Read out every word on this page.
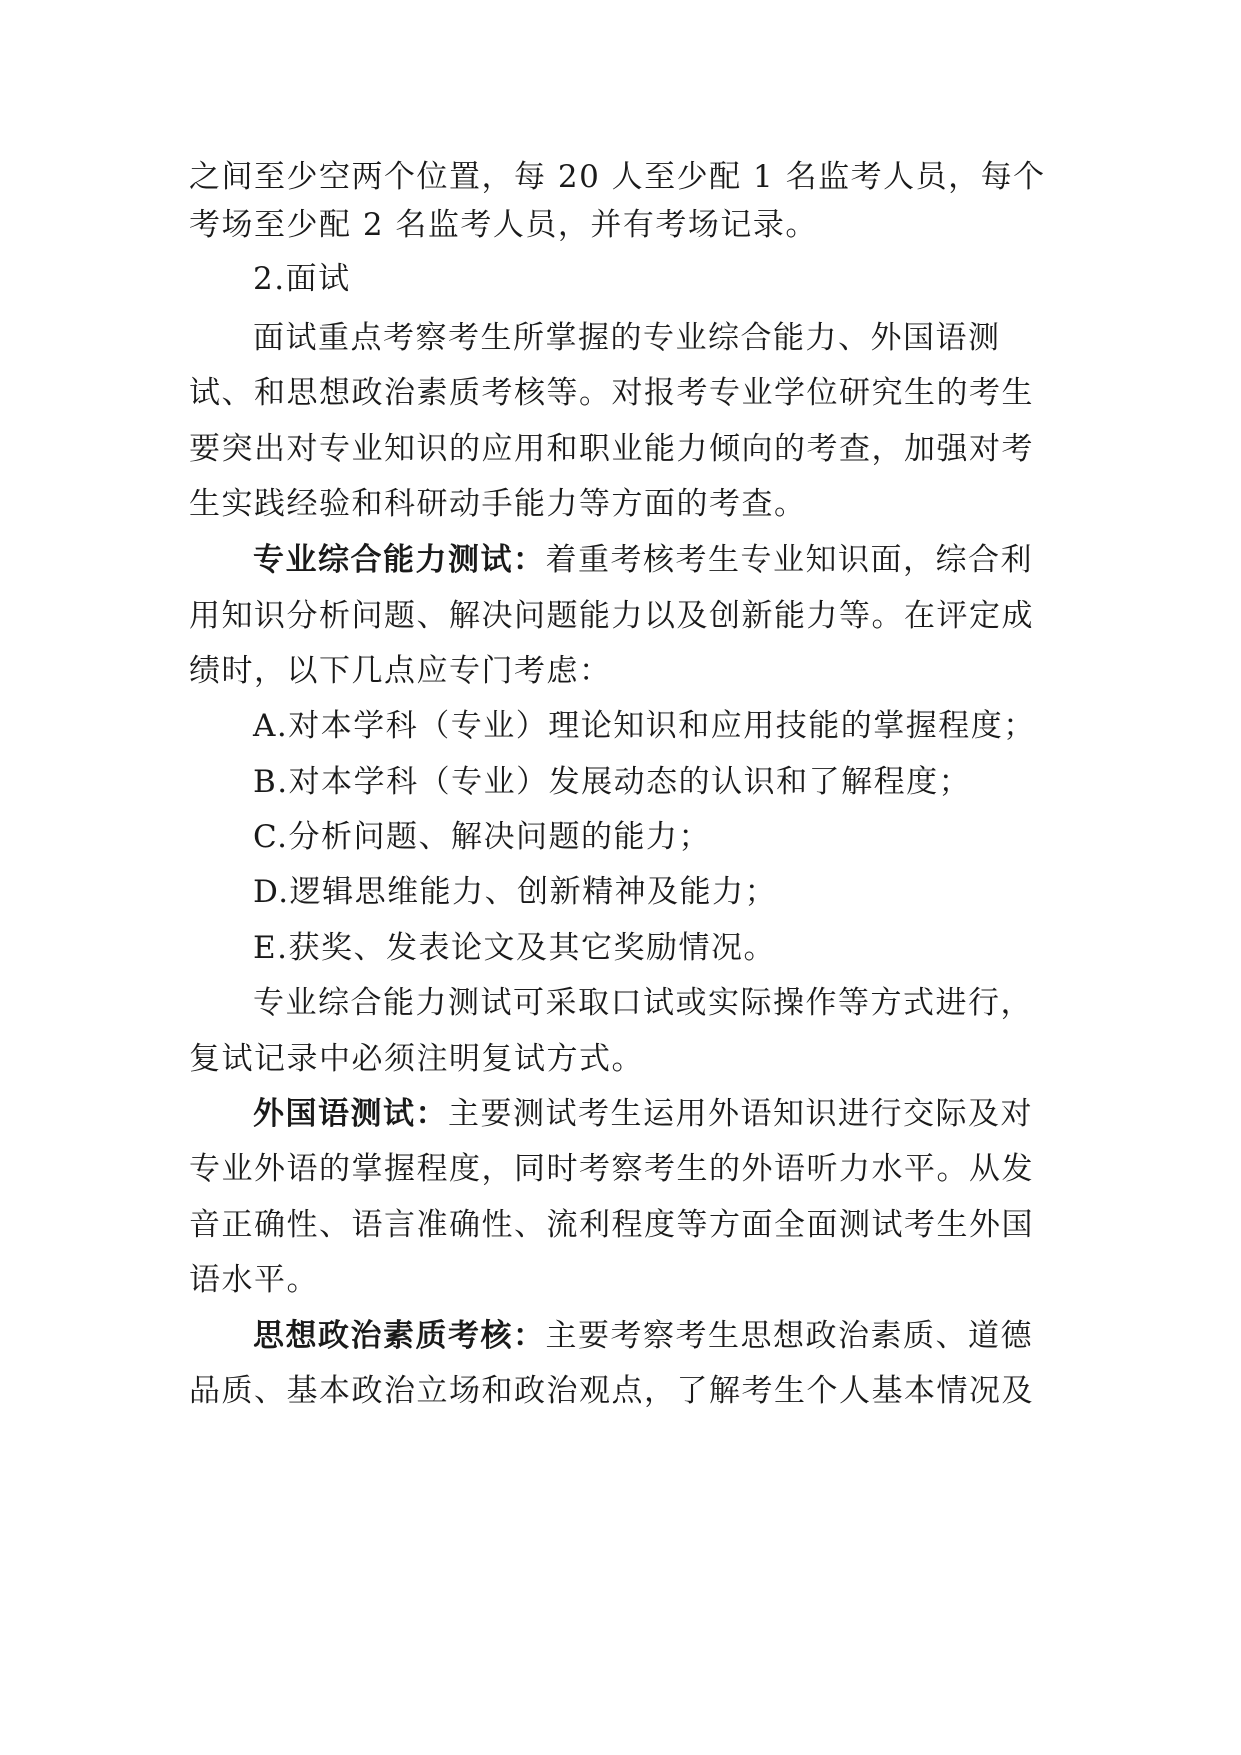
之间至少空两个位置，每 20 人至少配 1 名监考人员，每个
考场至少配 2 名监考人员，并有考场记录。
2.面试
面试重点考察考生所掌握的专业综合能力、外国语测
试、和思想政治素质考核等。对报考专业学位研究生的考生
要突出对专业知识的应用和职业能力倾向的考查，加强对考
生实践经验和科研动手能力等方面的考查。
专业综合能力测试：着重考核考生专业知识面，综合利
用知识分析问题、解决问题能力以及创新能力等。在评定成
绩时，以下几点应专门考虑：
A.对本学科（专业）理论知识和应用技能的掌握程度；
B.对本学科（专业）发展动态的认识和了解程度；
C.分析问题、解决问题的能力；
D.逻辑思维能力、创新精神及能力；
E.获奖、发表论文及其它奖励情况。
专业综合能力测试可采取口试或实际操作等方式进行，
复试记录中必须注明复试方式。
外国语测试：主要测试考生运用外语知识进行交际及对
专业外语的掌握程度，同时考察考生的外语听力水平。从发
音正确性、语言准确性、流利程度等方面全面测试考生外国
语水平。
思想政治素质考核：主要考察考生思想政治素质、道德
品质、基本政治立场和政治观点，了解考生个人基本情况及
